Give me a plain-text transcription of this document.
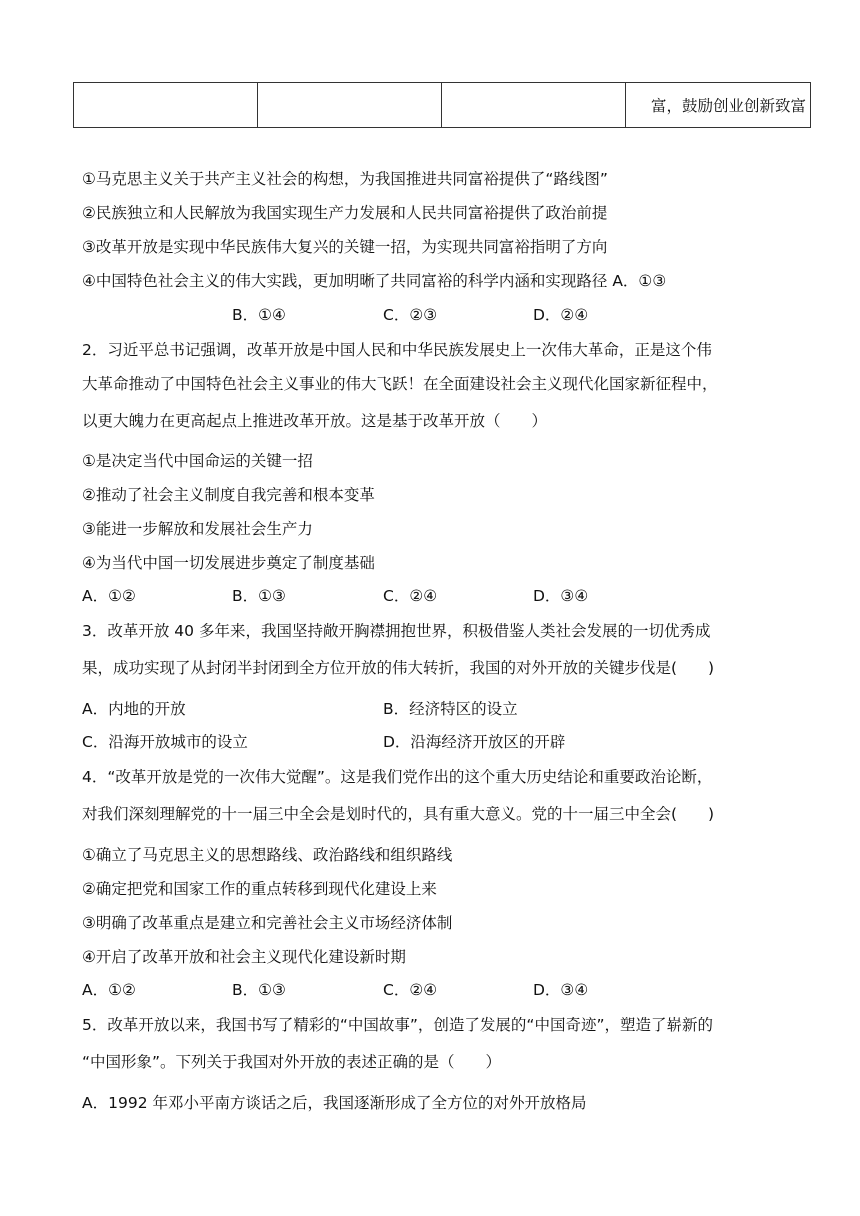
			富，鼓励创业创新致富
①马克思主义关于共产主义社会的构想，为我国推进共同富裕提供了“路线图”
②民族独立和人民解放为我国实现生产力发展和人民共同富裕提供了政治前提
③改革开放是实现中华民族伟大复兴的关键一招，为实现共同富裕指明了方向
④中国特色社会主义的伟大实践，更加明晰了共同富裕的科学内涵和实现路径 A．①③
B．①④	C．②③	D．②④
2．习近平总书记强调，改革开放是中国人民和中华民族发展史上一次伟大革命，正是这个伟
大革命推动了中国特色社会主义事业的伟大飞跃！在全面建设社会主义现代化国家新征程中，
以更大魄力在更高起点上推进改革开放。这是基于改革开放（　　）
①是决定当代中国命运的关键一招
②推动了社会主义制度自我完善和根本变革
③能进一步解放和发展社会生产力
④为当代中国一切发展进步奠定了制度基础
A．①②	B．①③	C．②④	D．③④
3．改革开放 40 多年来，我国坚持敞开胸襟拥抱世界，积极借鉴人类社会发展的一切优秀成
果，成功实现了从封闭半封闭到全方位开放的伟大转折，我国的对外开放的关键步伐是(　　)
A．内地的开放	B．经济特区的设立
C．沿海开放城市的设立	D．沿海经济开放区的开辟
4．“改革开放是党的一次伟大觉醒”。这是我们党作出的这个重大历史结论和重要政治论断，
对我们深刻理解党的十一届三中全会是划时代的，具有重大意义。党的十一届三中全会(　　)
①确立了马克思主义的思想路线、政治路线和组织路线
②确定把党和国家工作的重点转移到现代化建设上来
③明确了改革重点是建立和完善社会主义市场经济体制
④开启了改革开放和社会主义现代化建设新时期
A．①②	B．①③	C．②④	D．③④
5．改革开放以来，我国书写了精彩的“中国故事”，创造了发展的“中国奇迹”，塑造了崭新的
“中国形象”。下列关于我国对外开放的表述正确的是（　　）
A．1992 年邓小平南方谈话之后，我国逐渐形成了全方位的对外开放格局
